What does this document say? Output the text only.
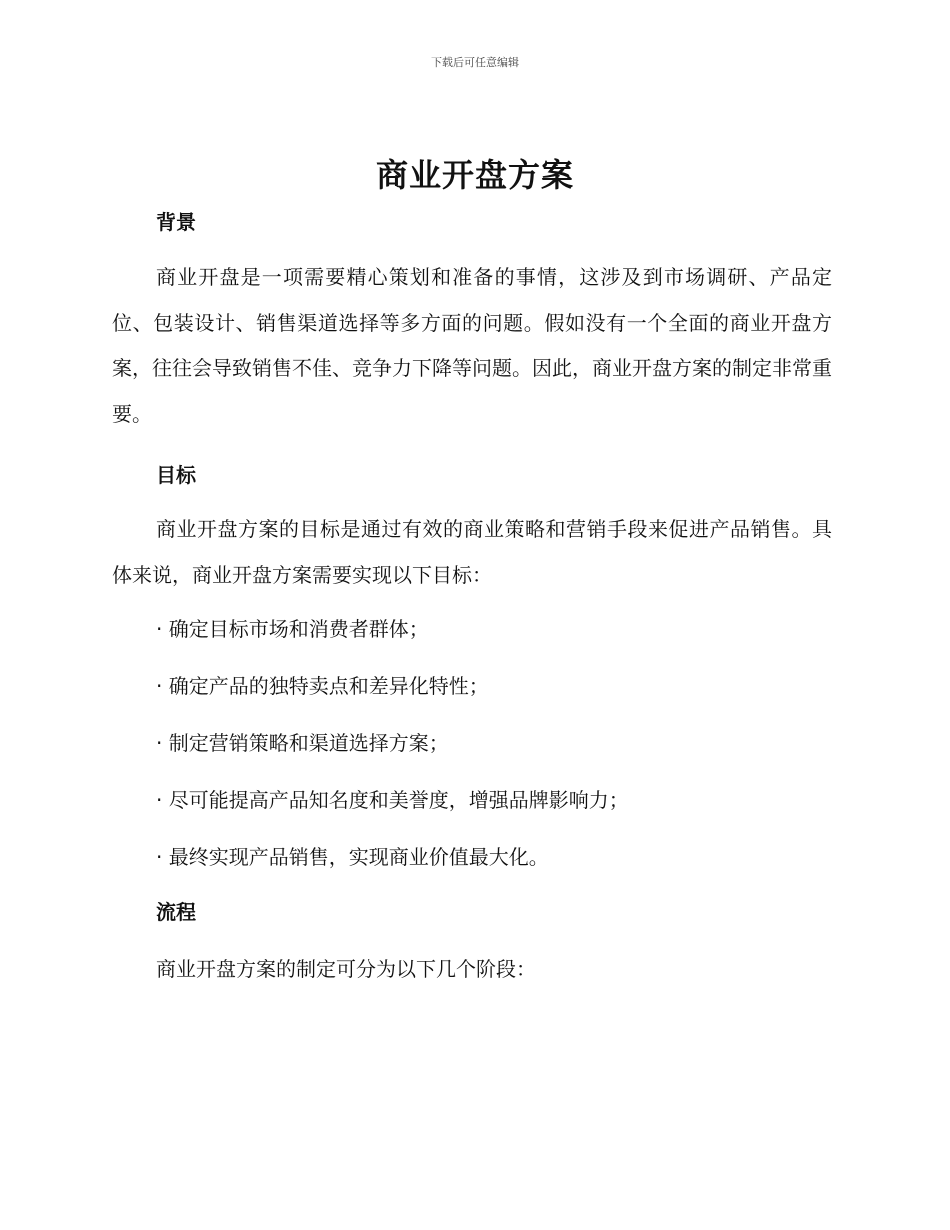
下载后可任意编辑
商业开盘方案
背景

商业开盘是一项需要精心策划和准备的事情，这涉及到市场调研、产品定位、包装设计、销售渠道选择等多方面的问题。假如没有一个全面的商业开盘方案，往往会导致销售不佳、竞争力下降等问题。因此，商业开盘方案的制定非常重要。

目标

商业开盘方案的目标是通过有效的商业策略和营销手段来促进产品销售。具体来说，商业开盘方案需要实现以下目标：

· 确定目标市场和消费者群体；

· 确定产品的独特卖点和差异化特性；

· 制定营销策略和渠道选择方案；

· 尽可能提高产品知名度和美誉度，增强品牌影响力；

· 最终实现产品销售，实现商业价值最大化。

流程

商业开盘方案的制定可分为以下几个阶段：
